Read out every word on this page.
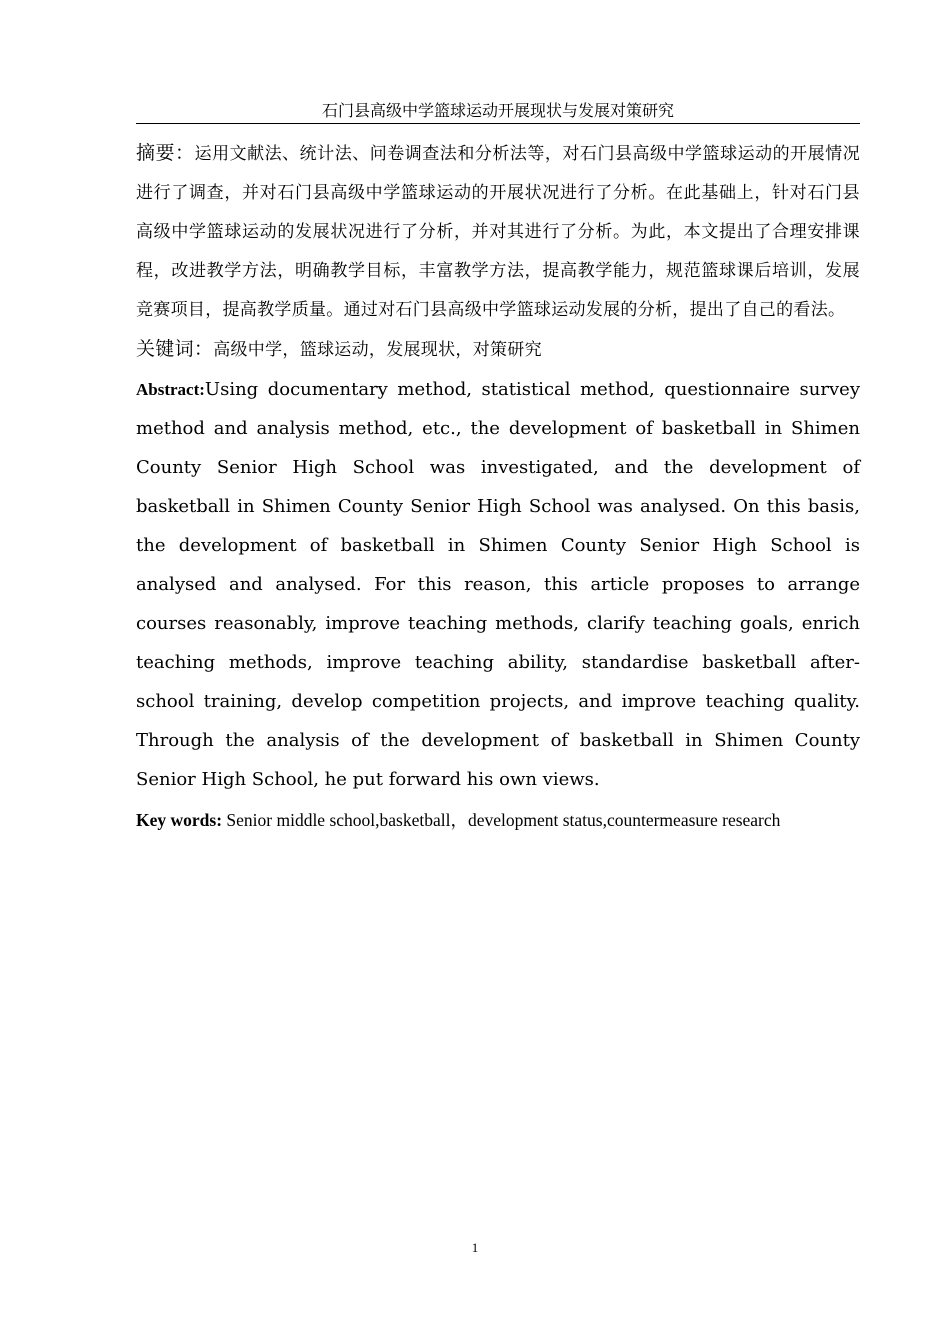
石门县高级中学篮球运动开展现状与发展对策研究

摘要：运用文献法、统计法、问卷调查法和分析法等，对石门县高级中学篮球运动的开展情况进行了调查，并对石门县高级中学篮球运动的开展状况进行了分析。在此基础上，针对石门县高级中学篮球运动的发展状况进行了分析，并对其进行了分析。为此，本文提出了合理安排课程，改进教学方法，明确教学目标，丰富教学方法，提高教学能力，规范篮球课后培训，发展竞赛项目，提高教学质量。通过对石门县高级中学篮球运动发展的分析，提出了自己的看法。

关键词：高级中学，篮球运动，发展现状，对策研究

Abstract:Using documentary method, statistical method, questionnaire survey method and analysis method, etc., the development of basketball in Shimen County Senior High School was investigated, and the development of basketball in Shimen County Senior High School was analysed. On this basis, the development of basketball in Shimen County Senior High School is analysed and analysed. For this reason, this article proposes to arrange courses reasonably, improve teaching methods, clarify teaching goals, enrich teaching methods, improve teaching ability, standardise basketball after-school training, develop competition projects, and improve teaching quality. Through the analysis of the development of basketball in Shimen County Senior High School, he put forward his own views.

Key words: Senior middle school,basketball，development status,countermeasure research

1
